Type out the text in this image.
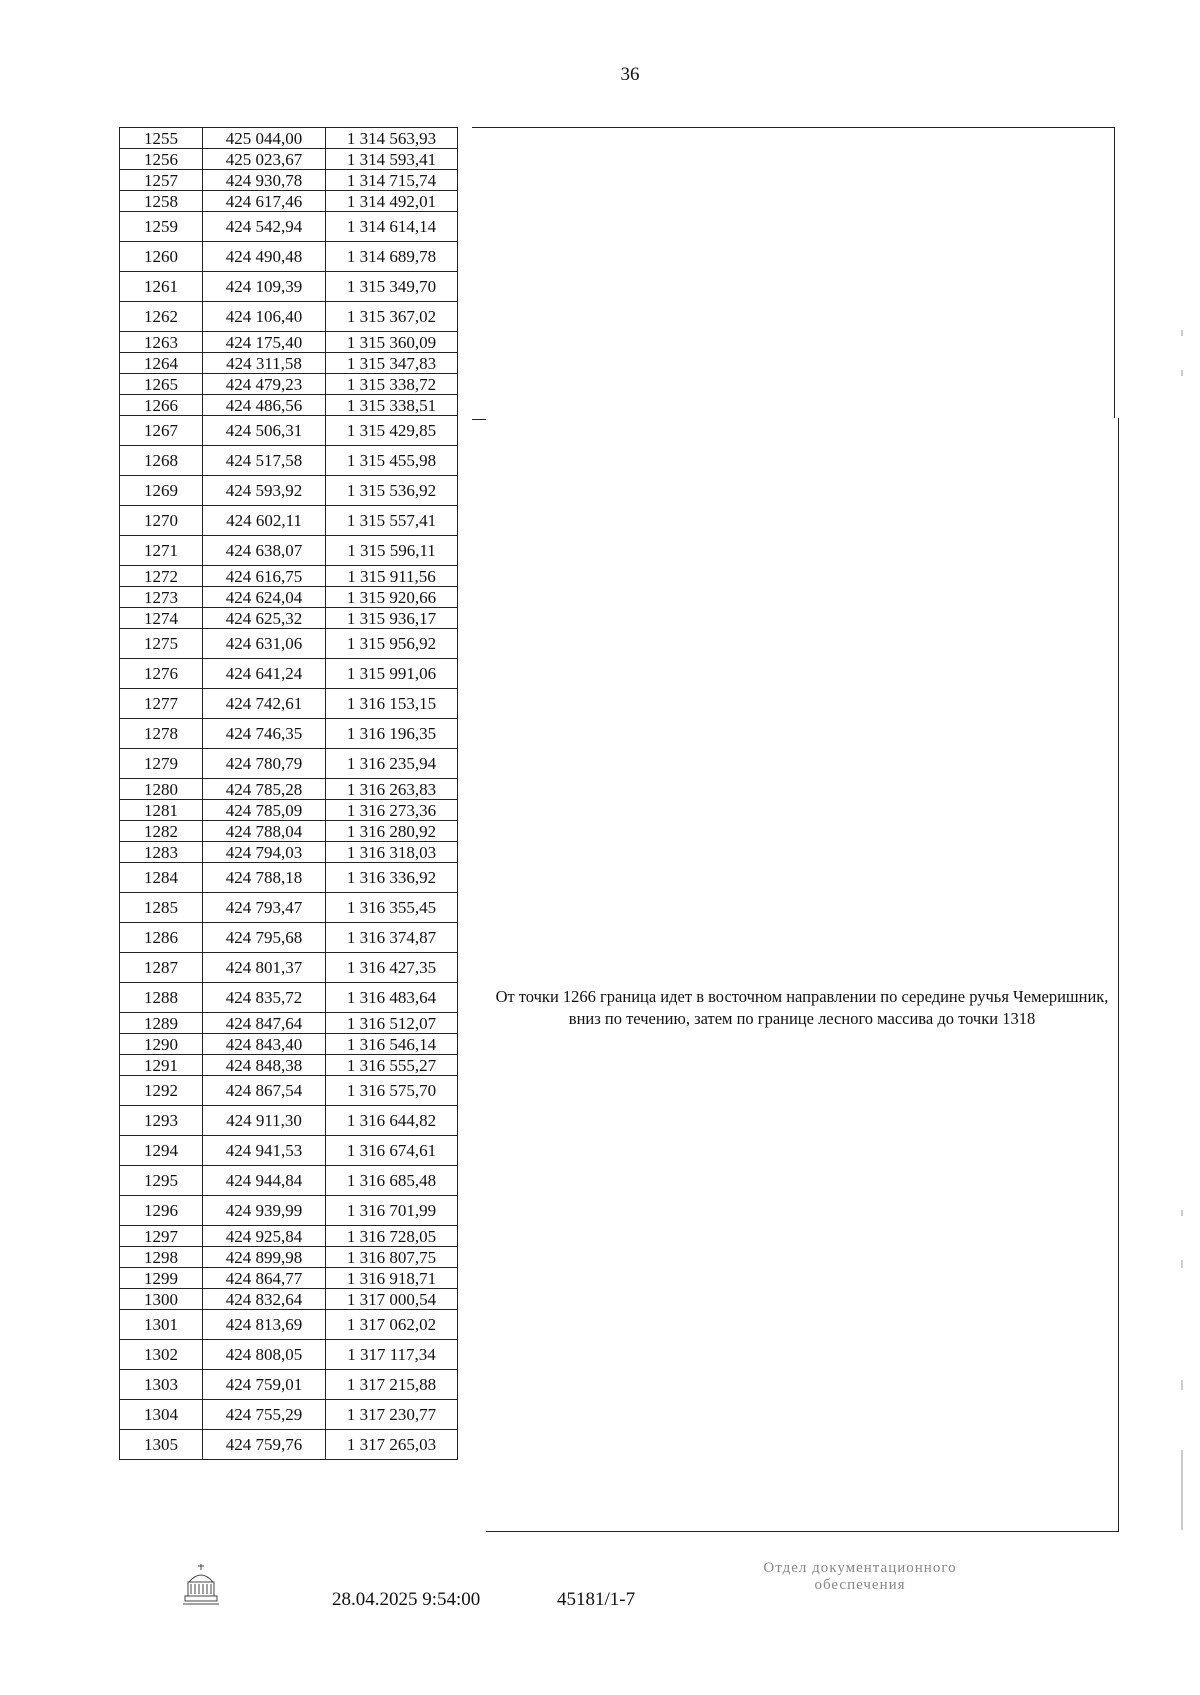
36
1255	425 044,00	1 314 563,93
1256	425 023,67	1 314 593,41
1257	424 930,78	1 314 715,74
1258	424 617,46	1 314 492,01
1259	424 542,94	1 314 614,14
1260	424 490,48	1 314 689,78
1261	424 109,39	1 315 349,70
1262	424 106,40	1 315 367,02
1263	424 175,40	1 315 360,09
1264	424 311,58	1 315 347,83
1265	424 479,23	1 315 338,72
1266	424 486,56	1 315 338,51
1267	424 506,31	1 315 429,85
1268	424 517,58	1 315 455,98
1269	424 593,92	1 315 536,92
1270	424 602,11	1 315 557,41
1271	424 638,07	1 315 596,11
1272	424 616,75	1 315 911,56
1273	424 624,04	1 315 920,66
1274	424 625,32	1 315 936,17
1275	424 631,06	1 315 956,92
1276	424 641,24	1 315 991,06
1277	424 742,61	1 316 153,15
1278	424 746,35	1 316 196,35
1279	424 780,79	1 316 235,94
1280	424 785,28	1 316 263,83
1281	424 785,09	1 316 273,36
1282	424 788,04	1 316 280,92
1283	424 794,03	1 316 318,03
1284	424 788,18	1 316 336,92
1285	424 793,47	1 316 355,45
1286	424 795,68	1 316 374,87
1287	424 801,37	1 316 427,35
1288	424 835,72	1 316 483,64
1289	424 847,64	1 316 512,07
1290	424 843,40	1 316 546,14
1291	424 848,38	1 316 555,27
1292	424 867,54	1 316 575,70
1293	424 911,30	1 316 644,82
1294	424 941,53	1 316 674,61
1295	424 944,84	1 316 685,48
1296	424 939,99	1 316 701,99
1297	424 925,84	1 316 728,05
1298	424 899,98	1 316 807,75
1299	424 864,77	1 316 918,71
1300	424 832,64	1 317 000,54
1301	424 813,69	1 317 062,02
1302	424 808,05	1 317 117,34
1303	424 759,01	1 317 215,88
1304	424 755,29	1 317 230,77
1305	424 759,76	1 317 265,03
От точки 1266 граница идет в восточном направлении по середине ручья Чемеришник, вниз по течению, затем по границе лесного массива до точки 1318
28.04.2025 9:54:00	45181/1-7
Отдел документационного
обеспечения
